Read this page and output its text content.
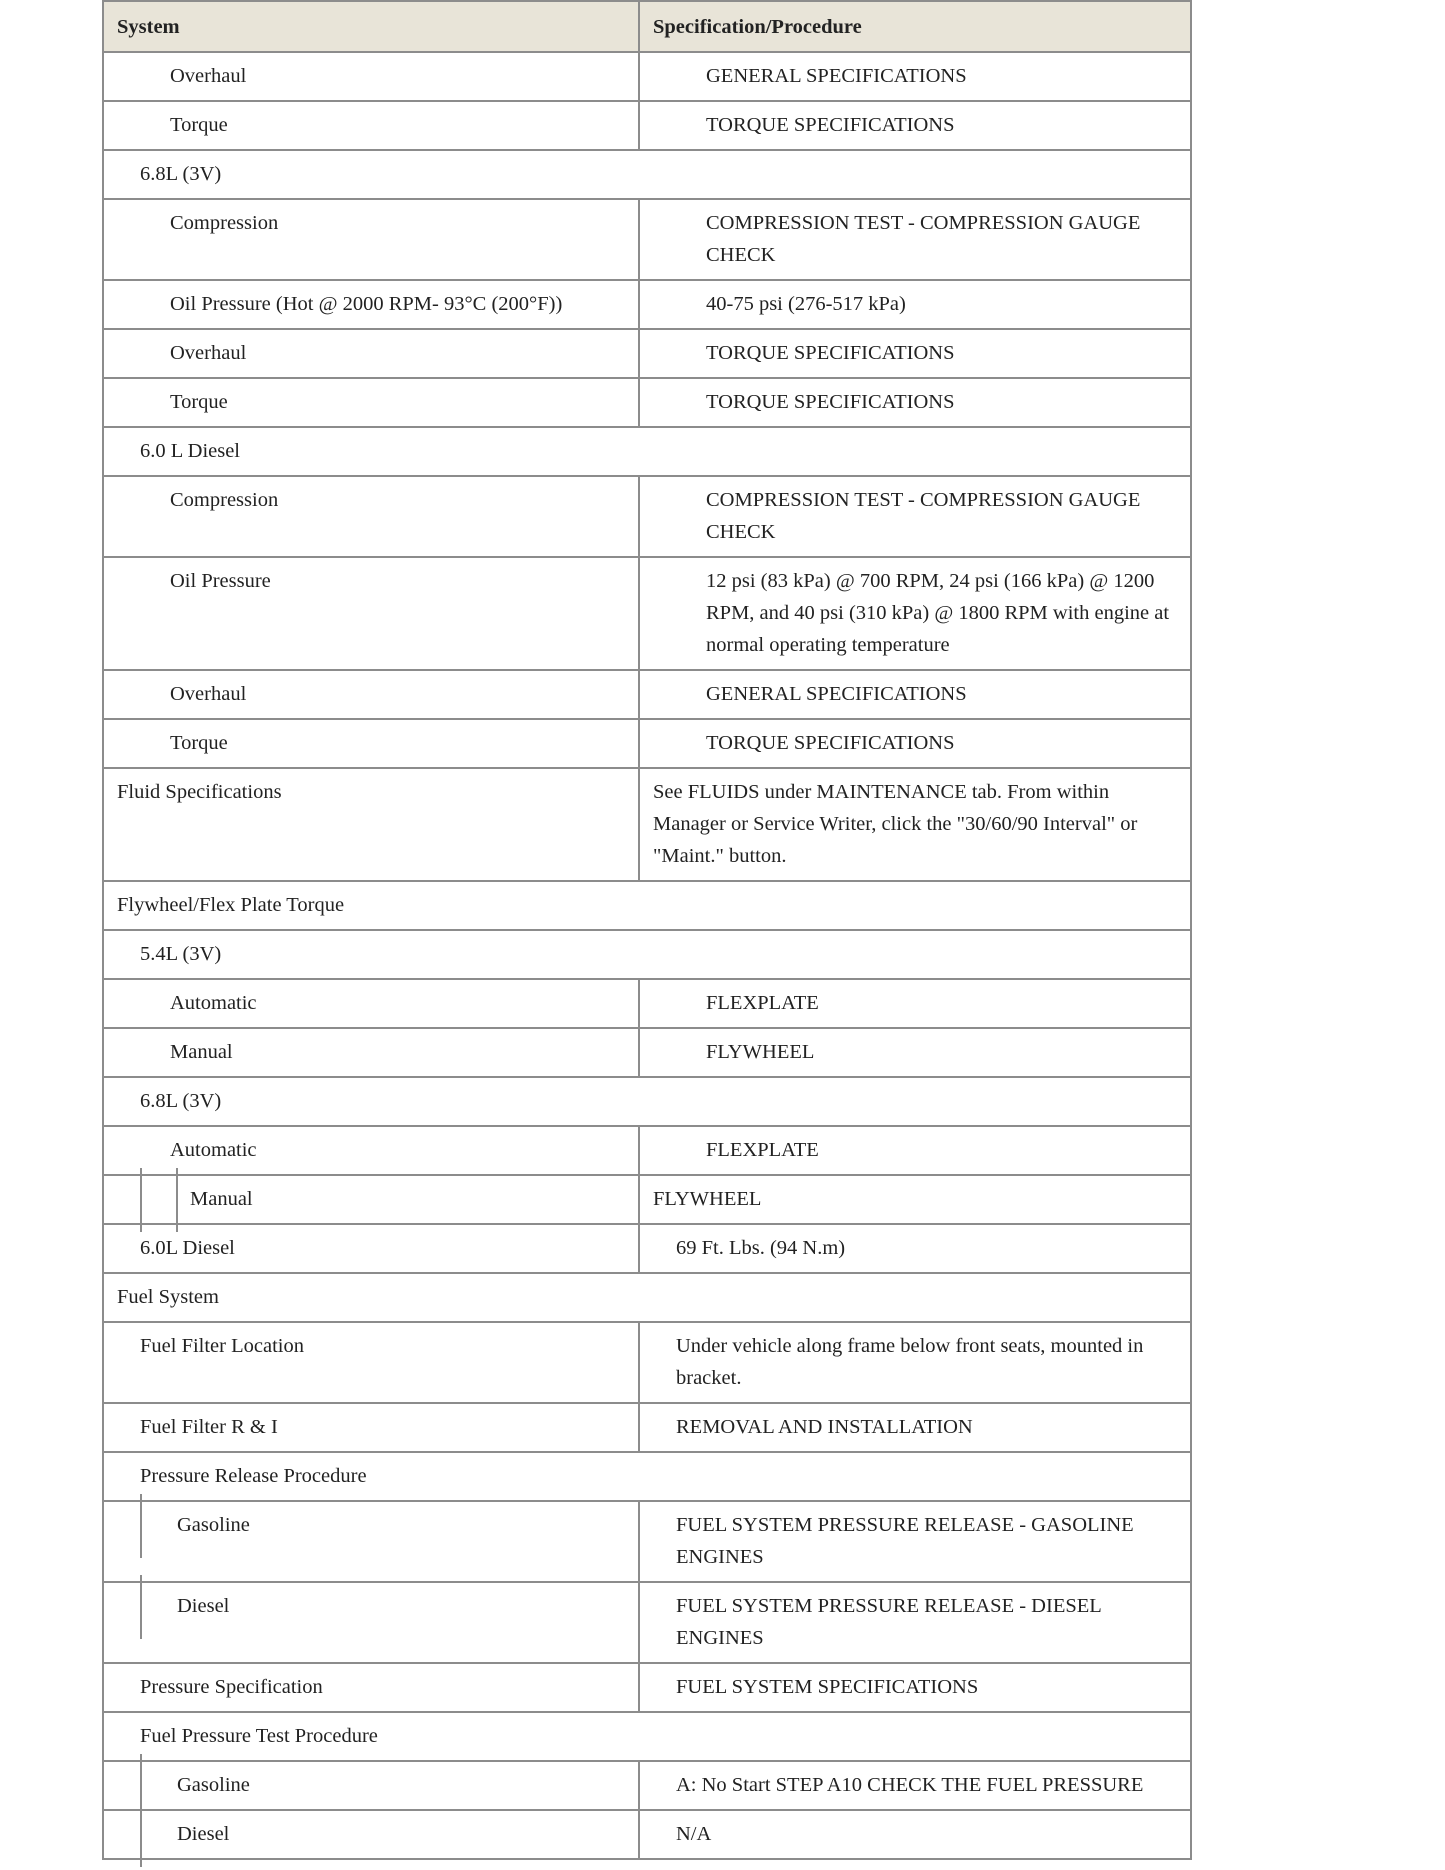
System	Specification/Procedure

Overhaul	GENERAL SPECIFICATIONS

Torque	TORQUE SPECIFICATIONS

6.8L (3V)	

Compression	COMPRESSION TEST - COMPRESSION GAUGE CHECK

Oil Pressure (Hot @ 2000 RPM- 93°C (200°F))	40-75 psi (276-517 kPa)

Overhaul	TORQUE SPECIFICATIONS

Torque	TORQUE SPECIFICATIONS

6.0 L Diesel	

Compression	COMPRESSION TEST - COMPRESSION GAUGE CHECK

Oil Pressure	12 psi (83 kPa) @ 700 RPM, 24 psi (166 kPa) @ 1200 RPM, and 40 psi (310 kPa) @ 1800 RPM with engine at normal operating temperature

Overhaul	GENERAL SPECIFICATIONS

Torque	TORQUE SPECIFICATIONS

Fluid Specifications	See FLUIDS under MAINTENANCE tab. From within Manager or Service Writer, click the "30/60/90 Interval" or "Maint." button.

Flywheel/Flex Plate Torque	

5.4L (3V)	

Automatic	FLEXPLATE

Manual	FLYWHEEL

6.8L (3V)	

Automatic	FLEXPLATE

Manual	FLYWHEEL

6.0L Diesel	69 Ft. Lbs. (94 N.m)

Fuel System	

Fuel Filter Location	Under vehicle along frame below front seats, mounted in bracket.

Fuel Filter R & I	REMOVAL AND INSTALLATION

Pressure Release Procedure	

Gasoline	FUEL SYSTEM PRESSURE RELEASE - GASOLINE ENGINES

Diesel	FUEL SYSTEM PRESSURE RELEASE - DIESEL ENGINES

Pressure Specification	FUEL SYSTEM SPECIFICATIONS

Fuel Pressure Test Procedure	

Gasoline	A: No Start STEP A10 CHECK THE FUEL PRESSURE

Diesel	N/A
